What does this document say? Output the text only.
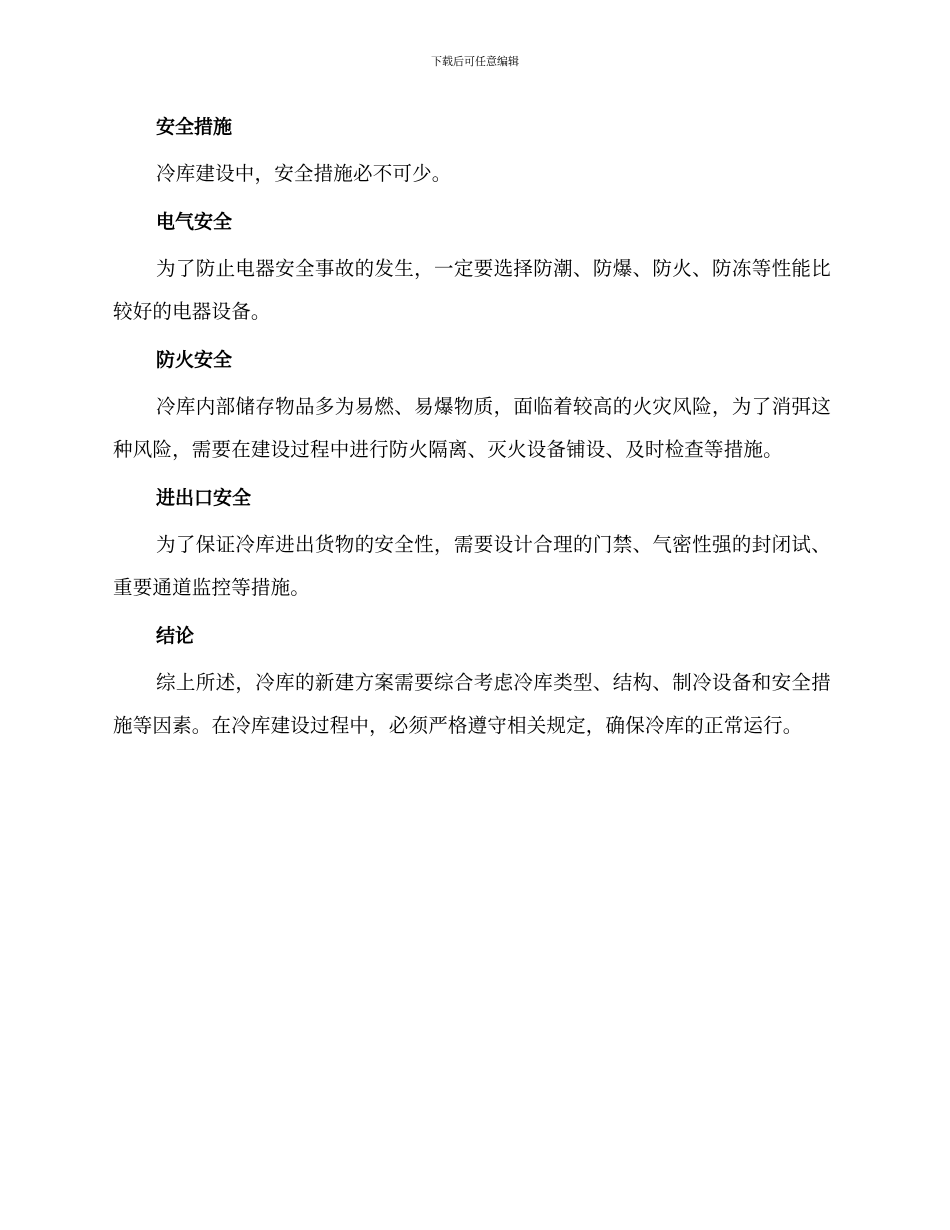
下载后可任意编辑
安全措施

冷库建设中，安全措施必不可少。

电气安全

为了防止电器安全事故的发生，一定要选择防潮、防爆、防火、防冻等性能比较好的电器设备。

防火安全

冷库内部储存物品多为易燃、易爆物质，面临着较高的火灾风险，为了消弭这种风险，需要在建设过程中进行防火隔离、灭火设备铺设、及时检查等措施。

进出口安全

为了保证冷库进出货物的安全性，需要设计合理的门禁、气密性强的封闭试、重要通道监控等措施。

结论

综上所述，冷库的新建方案需要综合考虑冷库类型、结构、制冷设备和安全措施等因素。在冷库建设过程中，必须严格遵守相关规定，确保冷库的正常运行。
